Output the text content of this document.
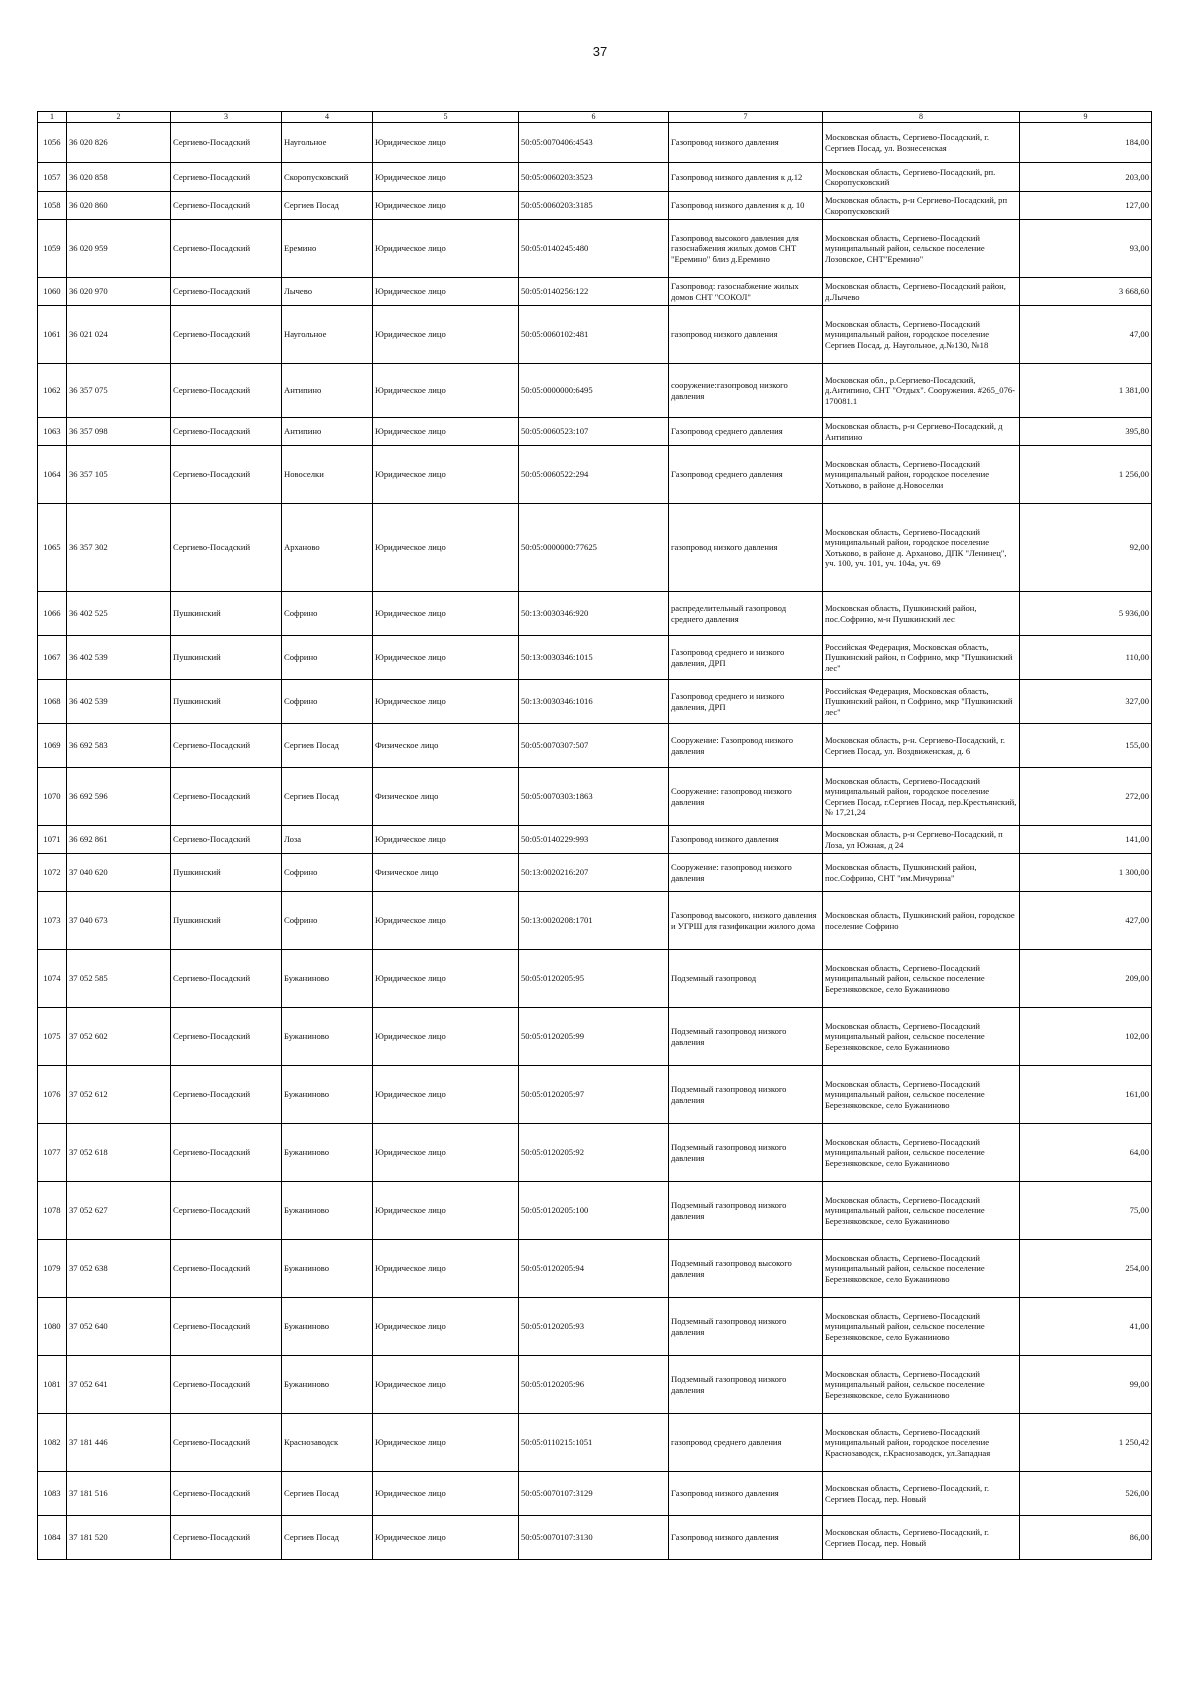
37
1	2	3	4	5	6	7	8	9
1056	36 020 826	Сергиево-Посадский	Наугольное	Юридическое лицо	50:05:0070406:4543	Газопровод низкого давления	Московская область, Сергиево-Посадский, г. Сергиев Посад, ул. Вознесенская	184,00
1057	36 020 858	Сергиево-Посадский	Скоропусковский	Юридическое лицо	50:05:0060203:3523	Газопровод низкого давления к д.12	Московская область, Сергиево-Посадский, рп. Скоропусковский	203,00
1058	36 020 860	Сергиево-Посадский	Сергиев Посад	Юридическое лицо	50:05:0060203:3185	Газопровод низкого давления к д. 10	Московская область, р-н Сергиево-Посадский, рп Скоропусковский	127,00
1059	36 020 959	Сергиево-Посадский	Еремино	Юридическое лицо	50:05:0140245:480	Газопровод высокого давления для газоснабжения жилых домов СНТ "Еремино" близ д.Еремино	Московская область, Сергиево-Посадский муниципальный район, сельское поселение Лозовское, СНТ"Еремино"	93,00
1060	36 020 970	Сергиево-Посадский	Лычево	Юридическое лицо	50:05:0140256:122	Газопровод: газоснабжение жилых домов СНТ "СОКОЛ"	Московская область, Сергиево-Посадский район, д.Лычево	3 668,60
1061	36 021 024	Сергиево-Посадский	Наугольное	Юридическое лицо	50:05:0060102:481	газопровод низкого давления	Московская область, Сергиево-Посадский муниципальный район, городское поселение Сергиев Посад, д. Наугольное, д.№130, №18	47,00
1062	36 357 075	Сергиево-Посадский	Антипино	Юридическое лицо	50:05:0000000:6495	сооружение:газопровод низкого давления	Московская обл., р.Сергиево-Посадский, д.Антипино, СНТ "Отдых". Сооружения. #265_076-170081.1	1 381,00
1063	36 357 098	Сергиево-Посадский	Антипино	Юридическое лицо	50:05:0060523:107	Газопровод среднего давления	Московская область, р-н Сергиево-Посадский, д Антипино	395,80
1064	36 357 105	Сергиево-Посадский	Новоселки	Юридическое лицо	50:05:0060522:294	Газопровод среднего давления	Московская область, Сергиево-Посадский муниципальный район, городское поселение Хотьково, в районе д.Новоселки	1 256,00
1065	36 357 302	Сергиево-Посадский	Арханово	Юридическое лицо	50:05:0000000:77625	газопровод низкого давления	Московская область, Сергиево-Посадский муниципальный район, городское поселение Хотьково, в районе д. Арханово, ДПК "Ленинец", уч. 100, уч. 101, уч. 104а, уч. 69	92,00
1066	36 402 525	Пушкинский	Софрино	Юридическое лицо	50:13:0030346:920	распределительный газопровод среднего давления	Московская область, Пушкинский район, пос.Софрино, м-н Пушкинский лес	5 936,00
1067	36 402 539	Пушкинский	Софрино	Юридическое лицо	50:13:0030346:1015	Газопровод среднего и низкого давления, ДРП	Российская Федерация, Московская область, Пушкинский район, п Софрино, мкр "Пушкинский лес"	110,00
1068	36 402 539	Пушкинский	Софрино	Юридическое лицо	50:13:0030346:1016	Газопровод среднего и низкого давления, ДРП	Российская Федерация, Московская область, Пушкинский район, п Софрино, мкр "Пушкинский лес"	327,00
1069	36 692 583	Сергиево-Посадский	Сергиев Посад	Физическое лицо	50:05:0070307:507	Сооружение: Газопровод низкого давления	Московская область, р-н. Сергиево-Посадский, г. Сергиев Посад, ул. Воздвиженская, д. 6	155,00
1070	36 692 596	Сергиево-Посадский	Сергиев Посад	Физическое лицо	50:05:0070303:1863	Сооружение: газопровод низкого давления	Московская область, Сергиево-Посадский муниципальный район, городское поселение Сергиев Посад, г.Сергиев Посад, пер.Крестьянский, № 17,21,24	272,00
1071	36 692 861	Сергиево-Посадский	Лоза	Юридическое лицо	50:05:0140229:993	Газопровод низкого давления	Московская область, р-н Сергиево-Посадский, п Лоза, ул Южная, д 24	141,00
1072	37 040 620	Пушкинский	Софрино	Физическое лицо	50:13:0020216:207	Сооружение: газопровод низкого давления	Московская область, Пушкинский район, пос.Софрино, СНТ "им.Мичурина"	1 300,00
1073	37 040 673	Пушкинский	Софрино	Юридическое лицо	50:13:0020208:1701	Газопровод высокого, низкого давления и УГРШ для газификации жилого дома	Московская область, Пушкинский район, городское поселение Софрино	427,00
1074	37 052 585	Сергиево-Посадский	Бужаниново	Юридическое лицо	50:05:0120205:95	Подземный газопровод	Московская область, Сергиево-Посадский муниципальный район, сельское поселение Березняковское, село Бужаниново	209,00
1075	37 052 602	Сергиево-Посадский	Бужаниново	Юридическое лицо	50:05:0120205:99	Подземный газопровод низкого давления	Московская область, Сергиево-Посадский муниципальный район, сельское поселение Березняковское, село Бужаниново	102,00
1076	37 052 612	Сергиево-Посадский	Бужаниново	Юридическое лицо	50:05:0120205:97	Подземный газопровод низкого давления	Московская область, Сергиево-Посадский муниципальный район, сельское поселение Березняковское, село Бужаниново	161,00
1077	37 052 618	Сергиево-Посадский	Бужаниново	Юридическое лицо	50:05:0120205:92	Подземный газопровод низкого давления	Московская область, Сергиево-Посадский муниципальный район, сельское поселение Березняковское, село Бужаниново	64,00
1078	37 052 627	Сергиево-Посадский	Бужаниново	Юридическое лицо	50:05:0120205:100	Подземный газопровод низкого давления	Московская область, Сергиево-Посадский муниципальный район, сельское поселение Березняковское, село Бужаниново	75,00
1079	37 052 638	Сергиево-Посадский	Бужаниново	Юридическое лицо	50:05:0120205:94	Подземный газопровод высокого давления	Московская область, Сергиево-Посадский муниципальный район, сельское поселение Березняковское, село Бужаниново	254,00
1080	37 052 640	Сергиево-Посадский	Бужаниново	Юридическое лицо	50:05:0120205:93	Подземный газопровод низкого давления	Московская область, Сергиево-Посадский муниципальный район, сельское поселение Березняковское, село Бужаниново	41,00
1081	37 052 641	Сергиево-Посадский	Бужаниново	Юридическое лицо	50:05:0120205:96	Подземный газопровод низкого давления	Московская область, Сергиево-Посадский муниципальный район, сельское поселение Березняковское, село Бужаниново	99,00
1082	37 181 446	Сергиево-Посадский	Краснозаводск	Юридическое лицо	50:05:0110215:1051	газопровод среднего давления	Московская область, Сергиево-Посадский муниципальный район, городское поселение Краснозаводск, г.Краснозаводск, ул.Западная	1 250,42
1083	37 181 516	Сергиево-Посадский	Сергиев Посад	Юридическое лицо	50:05:0070107:3129	Газопровод низкого давления	Московская область, Сергиево-Посадский, г. Сергиев Посад, пер. Новый	526,00
1084	37 181 520	Сергиево-Посадский	Сергиев Посад	Юридическое лицо	50:05:0070107:3130	Газопровод низкого давления	Московская область, Сергиево-Посадский, г. Сергиев Посад, пер. Новый	86,00
